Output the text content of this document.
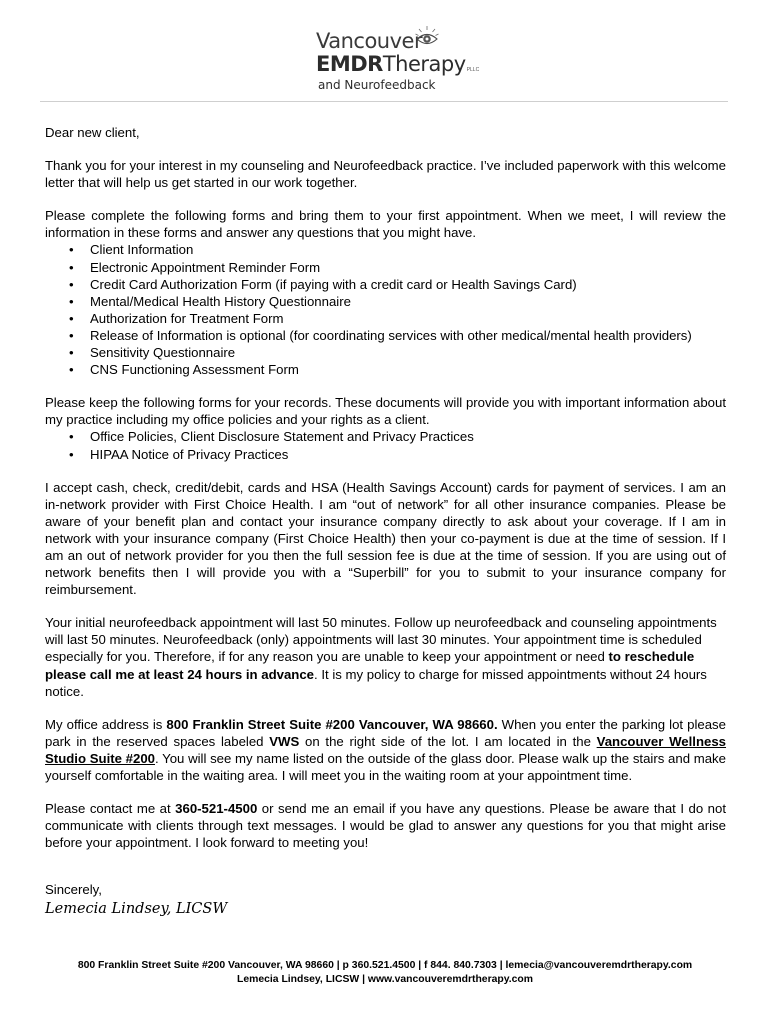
Vancouver
EMDRTherapyPLLC
and Neurofeedback

Dear new client,

Thank you for your interest in my counseling and Neurofeedback practice. I’ve included paperwork with this welcome letter that will help us get started in our work together.

Please complete the following forms and bring them to your first appointment. When we meet, I will review the information in these forms and answer any questions that you might have.

• Client Information
• Electronic Appointment Reminder Form
• Credit Card Authorization Form (if paying with a credit card or Health Savings Card)
• Mental/Medical Health History Questionnaire
• Authorization for Treatment Form
• Release of Information is optional (for coordinating services with other medical/mental health providers)
• Sensitivity Questionnaire
• CNS Functioning Assessment Form

Please keep the following forms for your records. These documents will provide you with important information about my practice including my office policies and your rights as a client.

• Office Policies, Client Disclosure Statement and Privacy Practices
• HIPAA Notice of Privacy Practices

I accept cash, check, credit/debit, cards and HSA (Health Savings Account) cards for payment of services. I am an in-network provider with First Choice Health. I am “out of network” for all other insurance companies. Please be aware of your benefit plan and contact your insurance company directly to ask about your coverage. If I am in network with your insurance company (First Choice Health) then your co-payment is due at the time of session. If I am an out of network provider for you then the full session fee is due at the time of session. If you are using out of network benefits then I will provide you with a “Superbill” for you to submit to your insurance company for reimbursement.

Your initial neurofeedback appointment will last 50 minutes. Follow up neurofeedback and counseling appointments will last 50 minutes. Neurofeedback (only) appointments will last 30 minutes. Your appointment time is scheduled especially for you. Therefore, if for any reason you are unable to keep your appointment or need to reschedule please call me at least 24 hours in advance. It is my policy to charge for missed appointments without 24 hours notice.

My office address is 800 Franklin Street Suite #200 Vancouver, WA 98660. When you enter the parking lot please park in the reserved spaces labeled VWS on the right side of the lot. I am located in the Vancouver Wellness Studio Suite #200. You will see my name listed on the outside of the glass door. Please walk up the stairs and make yourself comfortable in the waiting area. I will meet you in the waiting room at your appointment time.

Please contact me at 360-521-4500 or send me an email if you have any questions. Please be aware that I do not communicate with clients through text messages. I would be glad to answer any questions for you that might arise before your appointment. I look forward to meeting you!

Sincerely,

Lemecia Lindsey, LICSW
800 Franklin Street Suite #200 Vancouver, WA 98660 | p 360.521.4500 | f 844. 840.7303 | lemecia@vancouveremdrtherapy.com
Lemecia Lindsey, LICSW | www.vancouveremdrtherapy.com
